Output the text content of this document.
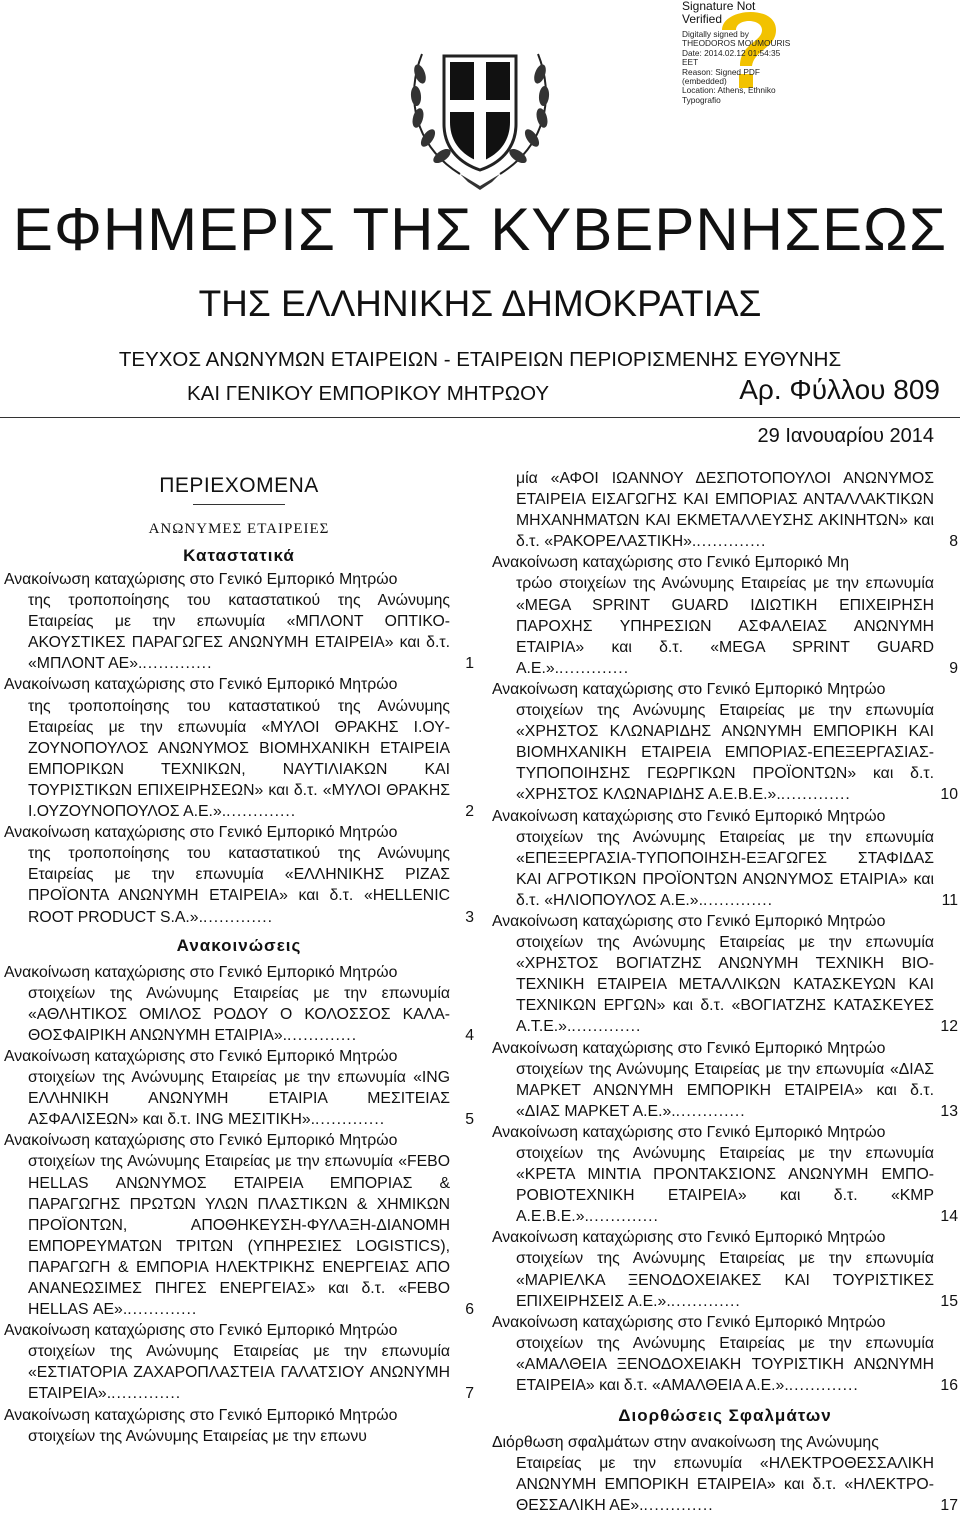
Signature Not
Verified
Digitally signed by
THEODOROS MOUMOURIS
Date: 2014.02.12 01:54:35
EET
Reason: Signed PDF
(embedded)
Location: Athens, Ethniko
Typografio
ΕΦΗΜΕΡΙΣ ΤΗΣ ΚΥΒΕΡΝΗΣΕΩΣ
ΤΗΣ ΕΛΛΗΝΙΚΗΣ ΔΗΜΟΚΡΑΤΙΑΣ
ΤΕΥΧΟΣ ΑΝΩΝΥΜΩΝ ΕΤΑΙΡΕΙΩΝ - ΕΤΑΙΡΕΙΩΝ ΠΕΡΙΟΡΙΣΜΕΝΗΣ ΕΥΘΥΝΗΣ
ΚΑΙ ΓΕΝΙΚΟΥ ΕΜΠΟΡΙΚΟΥ ΜΗΤΡΩΟΥ	Αρ. Φύλλου 809
29 Ιανουαρίου 2014
ΠΕΡΙΕΧΟΜΕΝΑ
ΑΝΩΝΥΜΕΣ ΕΤΑΙΡΕΙΕΣ
Καταστατικά
Ανακοίνωση καταχώρισης στο Γενικό Εμπορικό Μητρώο
της τροποποίησης του καταστατικού της Ανώνυμης Εταιρείας με την επωνυμία «ΜΠΛΟΝΤ ΟΠΤΙΚΟΑΚΟΥΣΤΙΚΕΣ ΠΑΡΑΓΩΓΕΣ ΑΝΩΝΥΜΗ ΕΤΑΙΡΕΙΑ» και δ.τ. «ΜΠΛΟΝΤ ΑΕ»..............	1
Ανακοίνωση καταχώρισης στο Γενικό Εμπορικό Μητρώο
της τροποποίησης του καταστατικού της Ανώνυμης Εταιρείας με την επωνυμία «ΜΥΛΟΙ ΘΡΑΚΗΣ Ι.ΟΥΖΟΥΝΟΠΟΥΛΟΣ ΑΝΩΝΥΜΟΣ ΒΙΟΜΗΧΑΝΙΚΗ ΕΤΑΙΡΕΙΑ ΕΜΠΟΡΙΚΩΝ ΤΕΧΝΙΚΩΝ, ΝΑΥΤΙΛΙΑΚΩΝ ΚΑΙ ΤΟΥΡΙΣΤΙΚΩΝ ΕΠΙΧΕΙΡΗΣΕΩΝ» και δ.τ. «ΜΥΛΟΙ ΘΡΑΚΗΣ Ι.ΟΥΖΟΥΝΟΠΟΥΛΟΣ Α.Ε.»..............	2
Ανακοίνωση καταχώρισης στο Γενικό Εμπορικό Μητρώο
της τροποποίησης του καταστατικού της Ανώνυμης Εταιρείας με την επωνυμία «ΕΛΛΗΝΙΚΗΣ ΡΙΖΑΣ ΠΡΟΪΟΝΤΑ ΑΝΩΝΥΜΗ ΕΤΑΙΡΕΙΑ» και δ.τ. «HELLENIC ROOT PRODUCT S.A.»..............	3
Ανακοινώσεις
Ανακοίνωση καταχώρισης στο Γενικό Εμπορικό Μητρώο
στοιχείων της Ανώνυμης Εταιρείας με την επωνυμία «ΑΘΛΗΤΙΚΟΣ ΟΜΙΛΟΣ ΡΟΔΟΥ Ο ΚΟΛΟΣΣΟΣ ΚΑΛΑΘΟΣΦΑΙΡΙΚΗ ΑΝΩΝΥΜΗ ΕΤΑΙΡΙΑ»..............	4
Ανακοίνωση καταχώρισης στο Γενικό Εμπορικό Μητρώο
στοιχείων της Ανώνυμης Εταιρείας με την επωνυμία «ING ΕΛΛΗΝΙΚΗ ΑΝΩΝΥΜΗ ΕΤΑΙΡΙΑ ΜΕΣΙΤΕΙΑΣ ΑΣΦΑΛΙΣΕΩΝ» και δ.τ. ING ΜΕΣΙΤΙΚΗ»..............	5
Ανακοίνωση καταχώρισης στο Γενικό Εμπορικό Μητρώο
στοιχείων της Ανώνυμης Εταιρείας με την επωνυμία «FEBO HELLAS ΑΝΩΝΥΜΟΣ ΕΤΑΙΡΕΙΑ ΕΜΠΟΡΙΑΣ & ΠΑΡΑΓΩΓΗΣ ΠΡΩΤΩΝ ΥΛΩΝ ΠΛΑΣΤΙΚΩΝ & ΧΗΜΙΚΩΝ ΠΡΟΪΟΝΤΩΝ, ΑΠΟΘΗΚΕΥΣΗ-ΦΥΛΑΞΗ-ΔΙΑΝΟΜΗ ΕΜΠΟΡΕΥΜΑΤΩΝ ΤΡΙΤΩΝ (ΥΠΗΡΕΣΙΕΣ LOGISTICS), ΠΑΡΑΓΩΓΗ & ΕΜΠΟΡΙΑ ΗΛΕΚΤΡΙΚΗΣ ΕΝΕΡΓΕΙΑΣ ΑΠΟ ΑΝΑΝΕΩΣΙΜΕΣ ΠΗΓΕΣ ΕΝΕΡΓΕΙΑΣ» και δ.τ. «FEBO HELLAS ΑΕ»..............	6
Ανακοίνωση καταχώρισης στο Γενικό Εμπορικό Μητρώο
στοιχείων της Ανώνυμης Εταιρείας με την επωνυμία «ΕΣΤΙΑΤΟΡΙΑ ΖΑΧΑΡΟΠΛΑΣΤΕΙΑ ΓΑΛΑΤΣΙΟΥ ΑΝΩΝΥΜΗ ΕΤΑΙΡΕΙΑ»..............	7
Ανακοίνωση καταχώρισης στο Γενικό Εμπορικό Μητρώο
στοιχείων της Ανώνυμης Εταιρείας με την επωνυ
μία «ΑΦΟΙ ΙΩΑΝΝΟΥ ΔΕΣΠΟΤΟΠΟΥΛΟΙ ΑΝΩΝΥΜΟΣ ΕΤΑΙΡΕΙΑ ΕΙΣΑΓΩΓΗΣ ΚΑΙ ΕΜΠΟΡΙΑΣ ΑΝΤΑΛΛΑΚΤΙΚΩΝ ΜΗΧΑΝΗΜΑΤΩΝ ΚΑΙ ΕΚΜΕΤΑΛΛΕΥΣΗΣ ΑΚΙΝΗΤΩΝ» και δ.τ. «ΡΑΚΟΡΕΛΑΣΤΙΚΗ»..............	8
Ανακοίνωση καταχώρισης στο Γενικό Εμπορικό Μη
τρώο στοιχείων της Ανώνυμης Εταιρείας με την επωνυμία «MEGA SPRINT GUARD ΙΔΙΩΤΙΚΗ ΕΠΙΧΕΙΡΗΣΗ ΠΑΡΟΧΗΣ ΥΠΗΡΕΣΙΩΝ ΑΣΦΑΛΕΙΑΣ ΑΝΩΝΥΜΗ ΕΤΑΙΡΙΑ» και δ.τ. «MEGA SPRINT GUARD Α.Ε.»..............	9
Ανακοίνωση καταχώρισης στο Γενικό Εμπορικό Μητρώο
στοιχείων της Ανώνυμης Εταιρείας με την επωνυμία «ΧΡΗΣΤΟΣ ΚΛΩΝΑΡΙΔΗΣ ΑΝΩΝΥΜΗ ΕΜΠΟΡΙΚΗ ΚΑΙ ΒΙΟΜΗΧΑΝΙΚΗ ΕΤΑΙΡΕΙΑ ΕΜΠΟΡΙΑΣ-ΕΠΕΞΕΡΓΑΣΙΑΣ-ΤΥΠΟΠΟΙΗΣΗΣ ΓΕΩΡΓΙΚΩΝ ΠΡΟΪΟΝΤΩΝ» και δ.τ. «ΧΡΗΣΤΟΣ ΚΛΩΝΑΡΙΔΗΣ Α.Ε.Β.Ε.»..............	10
Ανακοίνωση καταχώρισης στο Γενικό Εμπορικό Μητρώο
στοιχείων της Ανώνυμης Εταιρείας με την επωνυμία «ΕΠΕΞΕΡΓΑΣΙΑ-ΤΥΠΟΠΟΙΗΣΗ-ΕΞΑΓΩΓΕΣ ΣΤΑΦΙΔΑΣ ΚΑΙ ΑΓΡΟΤΙΚΩΝ ΠΡΟΪΟΝΤΩΝ ΑΝΩΝΥΜΟΣ ΕΤΑΙΡΙΑ» και δ.τ. «ΗΛΙΟΠΟΥΛΟΣ Α.Ε.»..............	11
Ανακοίνωση καταχώρισης στο Γενικό Εμπορικό Μητρώο
στοιχείων της Ανώνυμης Εταιρείας με την επωνυμία «ΧΡΗΣΤΟΣ ΒΟΓΙΑΤΖΗΣ ΑΝΩΝΥΜΗ ΤΕΧΝΙΚΗ ΒΙΟΤΕΧΝΙΚΗ ΕΤΑΙΡΕΙΑ ΜΕΤΑΛΛΙΚΩΝ ΚΑΤΑΣΚΕΥΩΝ ΚΑΙ ΤΕΧΝΙΚΩΝ ΕΡΓΩΝ» και δ.τ. «ΒΟΓΙΑΤΖΗΣ ΚΑΤΑΣΚΕΥΕΣ Α.Τ.Ε.»..............	12
Ανακοίνωση καταχώρισης στο Γενικό Εμπορικό Μητρώο
στοιχείων της Ανώνυμης Εταιρείας με την επωνυμία «ΔΙΑΣ ΜΑΡΚΕΤ ΑΝΩΝΥΜΗ ΕΜΠΟΡΙΚΗ ΕΤΑΙΡΕΙΑ» και δ.τ. «ΔΙΑΣ ΜΑΡΚΕΤ Α.Ε.»..............	13
Ανακοίνωση καταχώρισης στο Γενικό Εμπορικό Μητρώο
στοιχείων της Ανώνυμης Εταιρείας με την επωνυμία «ΚΡΕΤΑ ΜΙΝΤΙΑ ΠΡΟΝΤΑΚΣΙΟΝΣ ΑΝΩΝΥΜΗ ΕΜΠΟΡΟΒΙΟΤΕΧΝΙΚΗ ΕΤΑΙΡΕΙΑ» και δ.τ. «ΚΜΡ Α.Ε.Β.Ε.»..............	14
Ανακοίνωση καταχώρισης στο Γενικό Εμπορικό Μητρώο
στοιχείων της Ανώνυμης Εταιρείας με την επωνυμία «ΜΑΡΙΕΛΚΑ ΞΕΝΟΔΟΧΕΙΑΚΕΣ ΚΑΙ ΤΟΥΡΙΣΤΙΚΕΣ ΕΠΙΧΕΙΡΗΣΕΙΣ Α.Ε.»..............	15
Ανακοίνωση καταχώρισης στο Γενικό Εμπορικό Μητρώο
στοιχείων της Ανώνυμης Εταιρείας με την επωνυμία «ΑΜΑΛΘΕΙΑ ΞΕΝΟΔΟΧΕΙΑΚΗ ΤΟΥΡΙΣΤΙΚΗ ΑΝΩΝΥΜΗ ΕΤΑΙΡΕΙΑ» και δ.τ. «ΑΜΑΛΘΕΙΑ Α.Ε.»..............	16
Διορθώσεις Σφαλμάτων
Διόρθωση σφαλμάτων στην ανακοίνωση της Ανώνυμης
Εταιρείας με την επωνυμία «ΗΛΕΚΤΡΟΘΕΣΣΑΛΙΚΗ ΑΝΩΝΥΜΗ ΕΜΠΟΡΙΚΗ ΕΤΑΙΡΕΙΑ» και δ.τ. «ΗΛΕΚΤΡΟΘΕΣΣΑΛΙΚΗ ΑΕ»..............	17
